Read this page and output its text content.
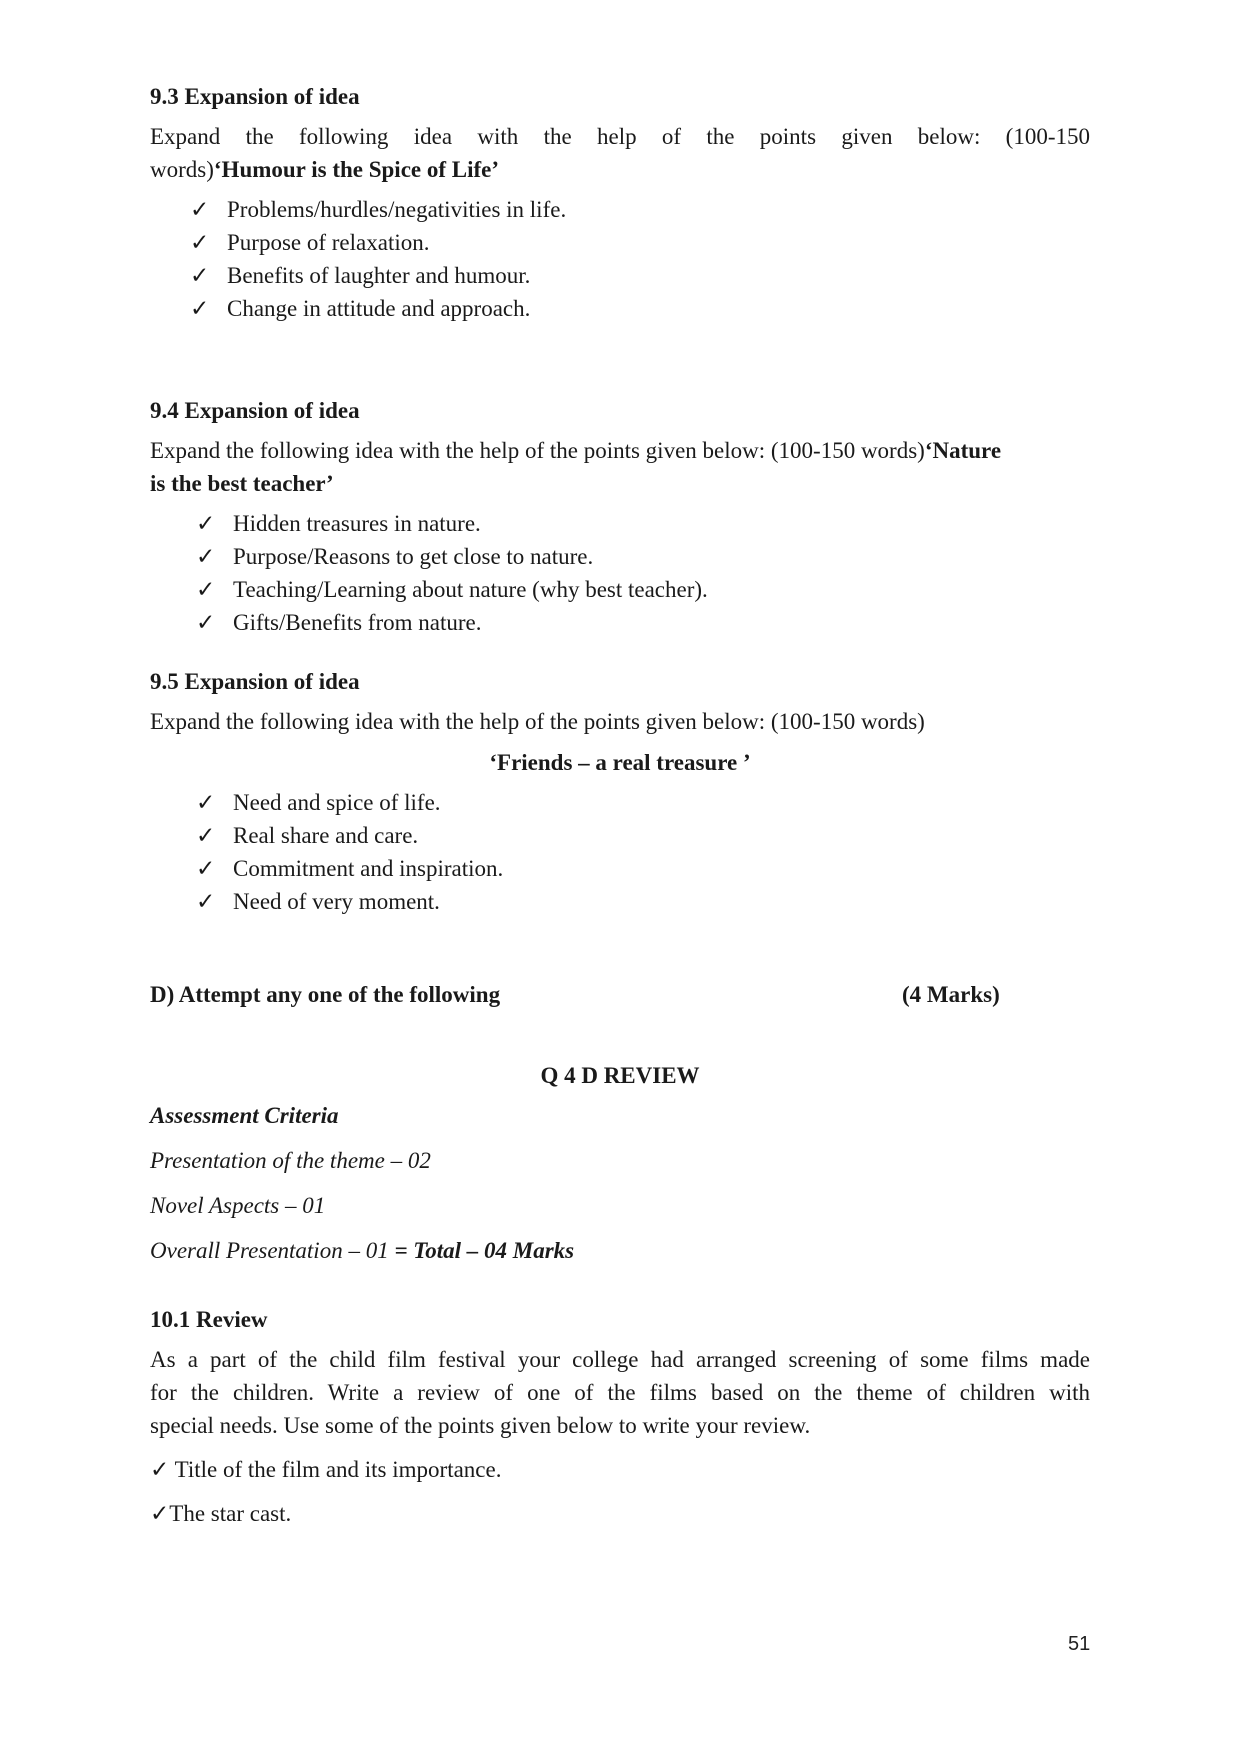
9.3 Expansion of idea

Expand the following idea with the help of the points given below: (100-150

words)‘Humour is the Spice of Life’

✓ Problems/hurdles/negativities in life.
✓ Purpose of relaxation.
✓ Benefits of laughter and humour.
✓ Change in attitude and approach.
9.4 Expansion of idea

Expand the following idea with the help of the points given below: (100-150 words)‘Nature

is the best teacher’

✓ Hidden treasures in nature.
✓ Purpose/Reasons to get close to nature.
✓ Teaching/Learning about nature (why best teacher).
✓ Gifts/Benefits from nature.
9.5 Expansion of idea

Expand the following idea with the help of the points given below: (100-150 words)

‘Friends – a real treasure ’

✓ Need and spice of life.
✓ Real share and care.
✓ Commitment and inspiration.
✓ Need of very moment.
D) Attempt any one of the following	(4 Marks)

Q 4 D REVIEW

Assessment Criteria

Presentation of the theme – 02

Novel Aspects – 01

Overall Presentation – 01 = Total – 04 Marks

10.1 Review

As a part of the child film festival your college had arranged screening of some films made

for the children. Write a review of one of the films based on the theme of children with

special needs. Use some of the points given below to write your review.

✓ Title of the film and its importance.

✓The star cast.

51
